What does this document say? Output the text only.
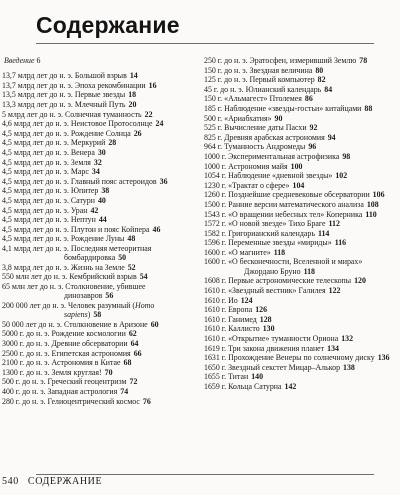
Содержание
Введение 6
13,7 млрд лет до н. э. Большой взрыв 14
13,7 млрд лет до н. э. Эпоха рекомбинации 16
13,5 млрд лет до н. э. Первые звезды 18
13,3 млрд лет до н. э. Млечный Путь 20
5 млрд лет до н. э. Солнечная туманность 22
4,6 млрд лет до н. э. Неистовое Протосолнце 24
4,5 млрд лет до н. э. Рождение Солнца 26
4,5 млрд лет до н. э. Меркурий 28
4,5 млрд лет до н. э. Венера 30
4,5 млрд лет до н. э. Земля 32
4,5 млрд лет до н. э. Марс 34
4,5 млрд лет до н. э. Главный пояс астероидов 36
4,5 млрд лет до н. э. Юпитер 38
4,5 млрд лет до н. э. Сатурн 40
4,5 млрд лет до н. э. Уран 42
4,5 млрд лет до н. э. Нептун 44
4,5 млрд лет до н. э. Плутон и пояс Койпера 46
4,5 млрд лет до н. э. Рождение Луны 48
4,1 млрд лет до н. э. Последняя метеоритная бомбардировка 50
3,8 млрд лет до н. э. Жизнь на Земле 52
550 млн лет до н. э. Кембрийский взрыв 54
65 млн лет до н. э. Столкновение, убившее динозавров 56
200 000 лет до н. э. Человек разумный (Homo sapiens) 58
50 000 лет до н. э. Столкновение в Аризоне 60
5000 г. до н. э. Рождение космологии 62
3000 г. до н. э. Древние обсерватории 64
2500 г. до н. э. Египетская астрономия 66
2100 г. до н. э. Астрономия в Китае 68
1300 г. до н. э. Земля круглая! 70
500 г. до н. э. Греческий геоцентризм 72
400 г. до н. э. Западная астрология 74
280 г. до н. э. Гелиоцентрический космос 76
250 г. до н. э. Эратосфен, измеривший Землю 78
150 г. до н. э. Звездная величина 80
125 г. до н. э. Первый компьютер 82
45 г. до н. э. Юлианский календарь 84
150 г. «Альмагест» Птолемея 86
185 г. Наблюдение «звезды-гостьи» китайцами 88
500 г. «Ариабхатия» 90
525 г. Вычисление даты Пасхи 92
825 г. Древняя арабская астрономия 94
964 г. Туманность Андромеды 96
1000 г. Экспериментальная астрофизика 98
1000 г. Астрономия майя 100
1054 г. Наблюдение «дневной звезды» 102
1230 г. «Трактат о сфере» 104
1260 г. Позднейшие средневековые обсерватории 106
1500 г. Ранние версии математического анализа 108
1543 г. «О вращении небесных тел» Коперника 110
1572 г. «О новой звезде» Тихо Браге 112
1582 г. Григорианский календарь 114
1596 г. Переменные звезды «мириды» 116
1600 г. «О магните» 118
1600 г. «О бесконечности, Вселенной и мирах» Джордано Бруно 118
1608 г. Первые астрономические телескопы 120
1610 г. «Звездный вестник» Галилея 122
1610 г. Ио 124
1610 г. Европа 126
1610 г. Ганимед 128
1610 г. Каллисто 130
1610 г. «Открытие» туманности Ориона 132
1619 г. Три закона движения планет 134
1631 г. Прохождение Венеры по солнечному диску 136
1650 г. Звездный секстет Мицар–Алькор 138
1655 г. Титан 140
1659 г. Кольца Сатурна 142
540 СОДЕРЖАНИЕ
